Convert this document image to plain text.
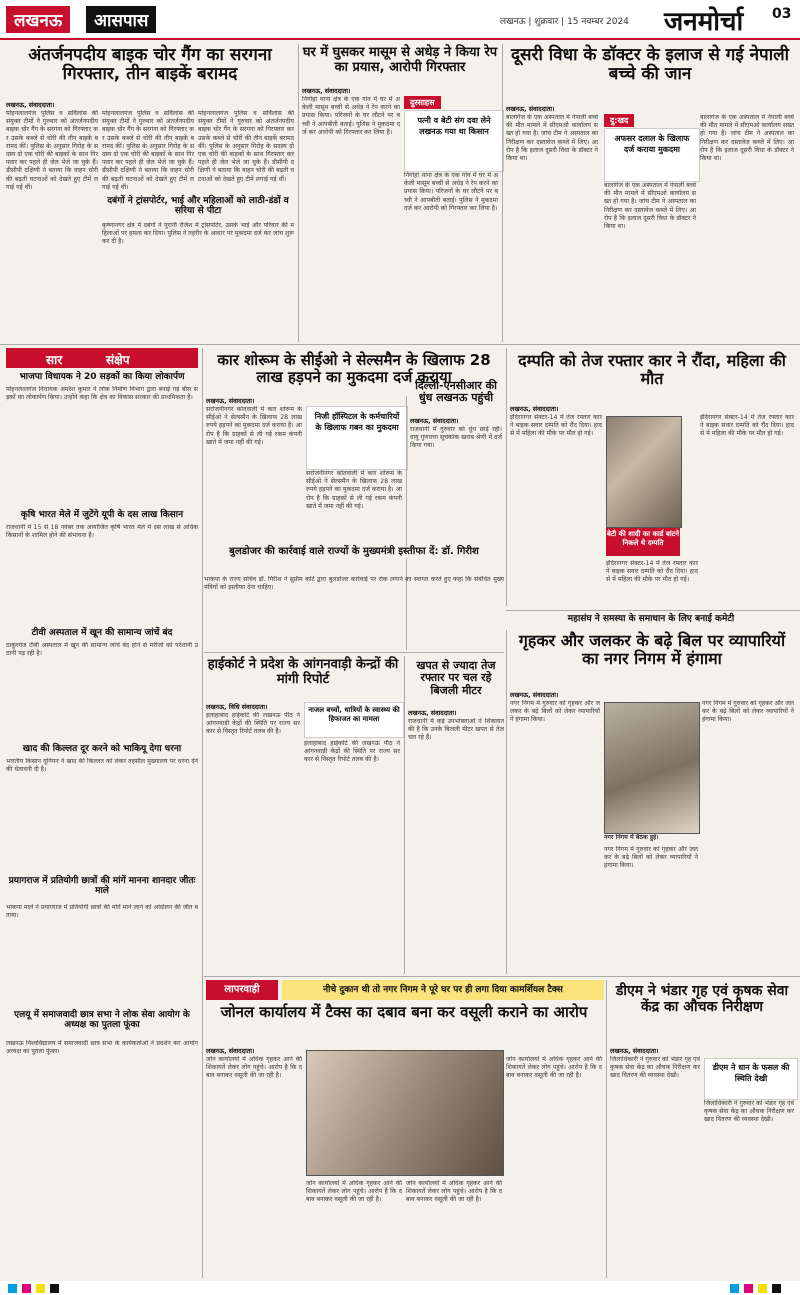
लखनऊ	आसपास	लखनऊ | शुक्रवार | 15 नवम्बर 2024 जनमोर्चा 03
अंतर्जनपदीय बाइक चोर गैंग का सरगना गिरफ्तार, तीन बाइकें बरामद
लखनऊ, संवाददाता।
मोहनलालगंज पुलिस व सर्विलांस की संयुक्त टीमों ने गुरुवार को अंतर्जनपदीय बाइक चोर गैंग के सरगना को गिरफ्तार कर उसके कब्जे से चोरी की तीन बाइकें बरामद कीं। पुलिस के अनुसार गिरोह के सदस्य दो एक चोरी की बाइकों के साथ गिरफ्तार कर पहले ही जेल भेजे जा चुके हैं। डीसीपी दक्षिणी ने बताया कि वाहन चोरी की बढ़ती घटनाओं को देखते हुए टीमें लगाई गई थीं।
मोहनलालगंज पुलिस व सर्विलांस की संयुक्त टीमों ने गुरुवार को अंतर्जनपदीय बाइक चोर गैंग के सरगना को गिरफ्तार कर उसके कब्जे से चोरी की तीन बाइकें बरामद कीं। पुलिस के अनुसार गिरोह के सदस्य दो एक चोरी की बाइकों के साथ गिरफ्तार कर पहले ही जेल भेजे जा चुके हैं। डीसीपी दक्षिणी ने बताया कि वाहन चोरी की बढ़ती घटनाओं को देखते हुए टीमें लगाई गई थीं।
मोहनलालगंज पुलिस व सर्विलांस की संयुक्त टीमों ने गुरुवार को अंतर्जनपदीय बाइक चोर गैंग के सरगना को गिरफ्तार कर उसके कब्जे से चोरी की तीन बाइकें बरामद कीं। पुलिस के अनुसार गिरोह के सदस्य दो एक चोरी की बाइकों के साथ गिरफ्तार कर पहले ही जेल भेजे जा चुके हैं। डीसीपी दक्षिणी ने बताया कि वाहन चोरी की बढ़ती घटनाओं को देखते हुए टीमें लगाई गई थीं।
दबंगों ने ट्रांसपोर्टर, भाई और महिलाओं को लाठी-डंडों व सरिया से पीटा
कृष्णानगर क्षेत्र में दबंगों ने पुरानी रंजिश में ट्रांसपोर्टर, उसके भाई और परिवार की महिलाओं पर हमला कर दिया। पुलिस ने तहरीर के आधार पर मुकदमा दर्ज कर जांच शुरू कर दी है।
घर में घुसकर मासूम से अधेड़ ने किया रेप का प्रयास, आरोपी गिरफ्तार
लखनऊ, संवाददाता।
निगोहां थाना क्षेत्र के एक गांव में घर में अकेली मासूम बच्ची से अधेड़ ने रेप करने का प्रयास किया। परिजनों के घर लौटने पर बच्ची ने आपबीती बताई। पुलिस ने मुकदमा दर्ज कर आरोपी को गिरफ्तार कर लिया है।
दुस्साहस
पत्नी व बेटी संग दवा लेने लखनऊ गया था किसान
निगोहां थाना क्षेत्र के एक गांव में घर में अकेली मासूम बच्ची से अधेड़ ने रेप करने का प्रयास किया। परिजनों के घर लौटने पर बच्ची ने आपबीती बताई। पुलिस ने मुकदमा दर्ज कर आरोपी को गिरफ्तार कर लिया है।
दूसरी विधा के डॉक्टर के इलाज से गई नेपाली बच्चे की जान
लखनऊ, संवाददाता।
बालागंज के एक अस्पताल में नेपाली बच्चे की मौत मामले में सीएमओ कार्यालय सख्त हो गया है। जांच टीम ने अस्पताल का निरीक्षण कर दस्तावेज कब्जे में लिए। आरोप है कि इलाज दूसरी विधा के डॉक्टर ने किया था।
दु:खद
अफसर दलाल के खिलाफ दर्ज कराया मुकदमा
बालागंज के एक अस्पताल में नेपाली बच्चे की मौत मामले में सीएमओ कार्यालय सख्त हो गया है। जांच टीम ने अस्पताल का निरीक्षण कर दस्तावेज कब्जे में लिए। आरोप है कि इलाज दूसरी विधा के डॉक्टर ने किया था।
बालागंज के एक अस्पताल में नेपाली बच्चे की मौत मामले में सीएमओ कार्यालय सख्त हो गया है। जांच टीम ने अस्पताल का निरीक्षण कर दस्तावेज कब्जे में लिए। आरोप है कि इलाज दूसरी विधा के डॉक्टर ने किया था।
सार	संक्षेप
भाजपा विधायक ने 20 सड़कों का किया लोकार्पण
मोहनलालगंज विधायक अमरेश कुमार ने लोक निर्माण विभाग द्वारा बनाई गई बीस सड़कों का लोकार्पण किया। उन्होंने कहा कि क्षेत्र का विकास सरकार की प्राथमिकता है।
कृषि भारत मेले में जुटेंगे यूपी के दस लाख किसान
राजधानी में 15 से 18 नवंबर तक आयोजित कृषि भारत मेले में दस लाख से अधिक किसानों के शामिल होने की संभावना है।
टीवी अस्पताल में खून की सामान्य जांचें बंद
ठाकुरगंज टीबी अस्पताल में खून की सामान्य जांचें बंद होने से मरीजों को परेशानी उठानी पड़ रही है।
खाद की किल्लत दूर करने को भाकियू देगा धरना
भारतीय किसान यूनियन ने खाद की किल्लत को लेकर तहसील मुख्यालय पर धरना देने की चेतावनी दी है।
प्रयागराज में प्रतियोगी छात्रों की मांगें मानना शानदार जीतः माले
भाकपा माले ने प्रयागराज में प्रतियोगी छात्रों की मांगें माने जाने को आंदोलन की जीत बताया।
एलयू में समाजवादी छात्र सभा ने लोक सेवा आयोग के अध्यक्ष का पुतला फूंका
लखनऊ विश्वविद्यालय में समाजवादी छात्र सभा के कार्यकर्ताओं ने प्रदर्शन कर आयोग अध्यक्ष का पुतला फूंका।
कार शोरूम के सीईओ ने सेल्समैन के खिलाफ 28 लाख हड़पने का मुकदमा दर्ज कराया
लखनऊ, संवाददाता।
सरोजनीनगर कोतवाली में कार शोरूम के सीईओ ने सेल्समैन के खिलाफ 28 लाख रुपये हड़पने का मुकदमा दर्ज कराया है। आरोप है कि ग्राहकों से ली गई रकम कंपनी खाते में जमा नहीं की गई।
निजी हॉस्पिटल के कर्मचारियों के खिलाफ गबन का मुकदमा
सरोजनीनगर कोतवाली में कार शोरूम के सीईओ ने सेल्समैन के खिलाफ 28 लाख रुपये हड़पने का मुकदमा दर्ज कराया है। आरोप है कि ग्राहकों से ली गई रकम कंपनी खाते में जमा नहीं की गई।
बुलडोजर की कार्रवाई वाले राज्यों के मुख्यमंत्री इस्तीफा दें: डॉ. गिरीश
भाकपा के राज्य सचिव डॉ. गिरीश ने सुप्रीम कोर्ट द्वारा बुलडोजर कार्रवाई पर रोक लगाने का स्वागत करते हुए कहा कि संबंधित मुख्यमंत्रियों को इस्तीफा देना चाहिए।
दिल्ली-एनसीआर की धुंध लखनऊ पहुंची
लखनऊ, संवाददाता।
राजधानी में गुरुवार को धुंध छाई रही। वायु गुणवत्ता सूचकांक खराब श्रेणी में दर्ज किया गया।
दम्पति को तेज रफ्तार कार ने रौंदा, महिला की मौत
लखनऊ, संवाददाता।
इंदिरानगर सेक्टर-14 में तेज रफ्तार कार ने बाइक सवार दम्पति को रौंद दिया। हादसे में महिला की मौके पर मौत हो गई।
बेटी की शादी का कार्ड बांटने निकले थे दम्पति
इंदिरानगर सेक्टर-14 में तेज रफ्तार कार ने बाइक सवार दम्पति को रौंद दिया। हादसे में महिला की मौके पर मौत हो गई।
इंदिरानगर सेक्टर-14 में तेज रफ्तार कार ने बाइक सवार दम्पति को रौंद दिया। हादसे में महिला की मौके पर मौत हो गई।
महासंघ ने समस्या के समाधान के लिए बनाई कमेटी
हाईकोर्ट ने प्रदेश के आंगनवाड़ी केन्द्रों की मांगी रिपोर्ट
नाजल बच्चों, धात्रियों के स्वास्थ्य की हिफाजत का मामला
लखनऊ, विधि संवाददाता।
इलाहाबाद हाईकोर्ट की लखनऊ पीठ ने आंगनवाड़ी केंद्रों की स्थिति पर राज्य सरकार से विस्तृत रिपोर्ट तलब की है।
इलाहाबाद हाईकोर्ट की लखनऊ पीठ ने आंगनवाड़ी केंद्रों की स्थिति पर राज्य सरकार से विस्तृत रिपोर्ट तलब की है।
खपत से ज्यादा तेज रफ्तार पर चल रहे बिजली मीटर
लखनऊ, संवाददाता।
राजधानी में कई उपभोक्ताओं ने शिकायत की है कि उनके बिजली मीटर खपत से तेज चल रहे हैं।
गृहकर और जलकर के बढ़े बिल पर व्यापारियों का नगर निगम में हंगामा
लखनऊ, संवाददाता।
नगर निगम में गुरुवार को गृहकर और जलकर के बढ़े बिलों को लेकर व्यापारियों ने हंगामा किया।
नगर निगम में बैठक हुई।
नगर निगम में गुरुवार को गृहकर और जलकर के बढ़े बिलों को लेकर व्यापारियों ने हंगामा किया।
नगर निगम में गुरुवार को गृहकर और जलकर के बढ़े बिलों को लेकर व्यापारियों ने हंगामा किया।
लापरवाही	नीचे दुकान थी तो नगर निगम ने पूरे घर पर ही लगा दिया कामर्शियल टैक्स
जोनल कार्यालय में टैक्स का दबाव बना कर वसूली कराने का आरोप
लखनऊ, संवाददाता।
जोन कार्यालयों में अधिक गृहकर आने की शिकायतें लेकर लोग पहुंचे। आरोप है कि दबाव बनाकर वसूली की जा रही है।
जोन कार्यालयों में अधिक गृहकर आने की शिकायतें लेकर लोग पहुंचे। आरोप है कि दबाव बनाकर वसूली की जा रही है।
जोन कार्यालयों में अधिक गृहकर आने की शिकायतें लेकर लोग पहुंचे। आरोप है कि दबाव बनाकर वसूली की जा रही है।
जोन कार्यालयों में अधिक गृहकर आने की शिकायतें लेकर लोग पहुंचे। आरोप है कि दबाव बनाकर वसूली की जा रही है।
डीएम ने भंडार गृह एवं कृषक सेवा केंद्र का औचक निरीक्षण
लखनऊ, संवाददाता।
जिलाधिकारी ने गुरुवार को भंडार गृह एवं कृषक सेवा केंद्र का औचक निरीक्षण कर खाद वितरण की व्यवस्था देखी।
डीएम ने धान के फसल की स्थिति देखी
जिलाधिकारी ने गुरुवार को भंडार गृह एवं कृषक सेवा केंद्र का औचक निरीक्षण कर खाद वितरण की व्यवस्था देखी।
